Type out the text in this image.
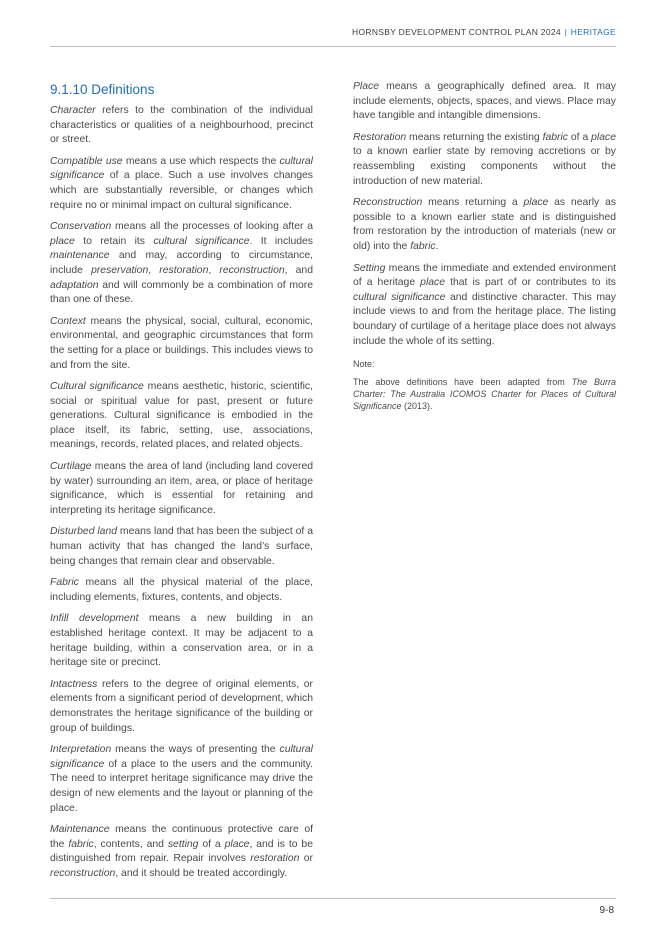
HORNSBY DEVELOPMENT CONTROL PLAN 2024 | HERITAGE
9.1.10 Definitions

Character refers to the combination of the individual characteristics or qualities of a neighbourhood, precinct or street.

Compatible use means a use which respects the cultural significance of a place. Such a use involves changes which are substantially reversible, or changes which require no or minimal impact on cultural significance.

Conservation means all the processes of looking after a place to retain its cultural significance. It includes maintenance and may, according to circumstance, include preservation, restoration, reconstruction, and adaptation and will commonly be a combination of more than one of these.

Context means the physical, social, cultural, economic, environmental, and geographic circumstances that form the setting for a place or buildings. This includes views to and from the site.

Cultural significance means aesthetic, historic, scientific, social or spiritual value for past, present or future generations. Cultural significance is embodied in the place itself, its fabric, setting, use, associations, meanings, records, related places, and related objects.

Curtilage means the area of land (including land covered by water) surrounding an item, area, or place of heritage significance, which is essential for retaining and interpreting its heritage significance.

Disturbed land means land that has been the subject of a human activity that has changed the land’s surface, being changes that remain clear and observable.

Fabric means all the physical material of the place, including elements, fixtures, contents, and objects.

Infill development means a new building in an established heritage context. It may be adjacent to a heritage building, within a conservation area, or in a heritage site or precinct.

Intactness refers to the degree of original elements, or elements from a significant period of development, which demonstrates the heritage significance of the building or group of buildings.

Interpretation means the ways of presenting the cultural significance of a place to the users and the community. The need to interpret heritage significance may drive the design of new elements and the layout or planning of the place.

Maintenance means the continuous protective care of the fabric, contents, and setting of a place, and is to be distinguished from repair. Repair involves restoration or reconstruction, and it should be treated accordingly.

Place means a geographically defined area. It may include elements, objects, spaces, and views. Place may have tangible and intangible dimensions.

Restoration means returning the existing fabric of a place to a known earlier state by removing accretions or by reassembling existing components without the introduction of new material.

Reconstruction means returning a place as nearly as possible to a known earlier state and is distinguished from restoration by the introduction of materials (new or old) into the fabric.

Setting means the immediate and extended environment of a heritage place that is part of or contributes to its cultural significance and distinctive character. This may include views to and from the heritage place. The listing boundary of curtilage of a heritage place does not always include the whole of its setting.

Note:

The above definitions have been adapted from The Burra Charter: The Australia ICOMOS Charter for Places of Cultural Significance (2013).

9-8
